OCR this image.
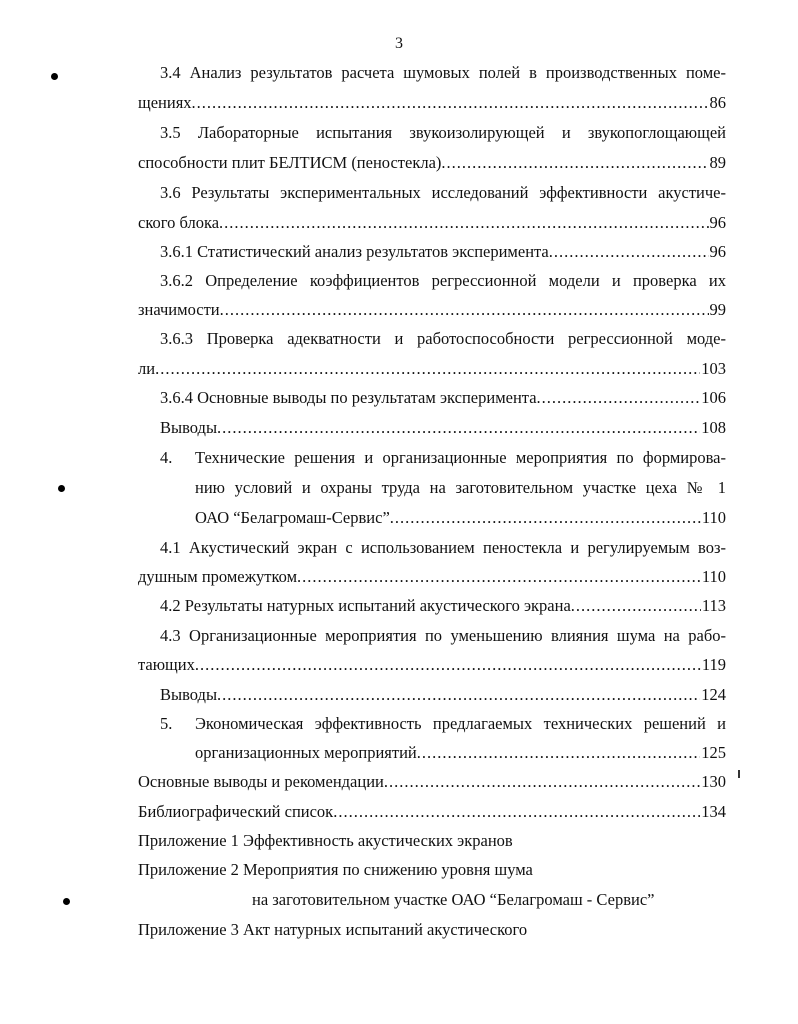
3
3.4 Анализ результатов расчета шумовых полей в производственных поме-
щениях .....	86
3.5 Лабораторные испытания звукоизолирующей и звукопоглощающей
способности плит БЕЛТИСМ (пеностекла) .....	89
3.6 Результаты экспериментальных исследований эффективности акустиче-
ского блока .....	96
3.6.1 Статистический анализ результатов эксперимента .....	96
3.6.2 Определение коэффициентов регрессионной модели и проверка их
значимости .....	99
3.6.3 Проверка адекватности и работоспособности регрессионной моде-
ли .....	103
3.6.4 Основные выводы по результатам эксперимента .....	106
Выводы .....	108
4. Технические решения и организационные мероприятия по формирова-
нию условий и охраны труда на заготовительном участке цеха № 1
ОАО “Белагромаш-Сервис” .....	110
4.1 Акустический экран с использованием пеностекла и регулируемым воз-
душным промежутком .....	110
4.2 Результаты натурных испытаний акустического экрана .....	113
4.3 Организационные мероприятия по уменьшению влияния шума на рабо-
тающих .....	119
Выводы .....	124
5. Экономическая эффективность предлагаемых технических решений и
организационных мероприятий .....	125
Основные выводы и рекомендации .....	130
Библиографический список .....	134
Приложение 1 Эффективность акустических экранов
Приложение 2 Мероприятия по снижению уровня шума
на заготовительном участке ОАО “Белагромаш - Сервис”
Приложение 3 Акт натурных испытаний акустического
